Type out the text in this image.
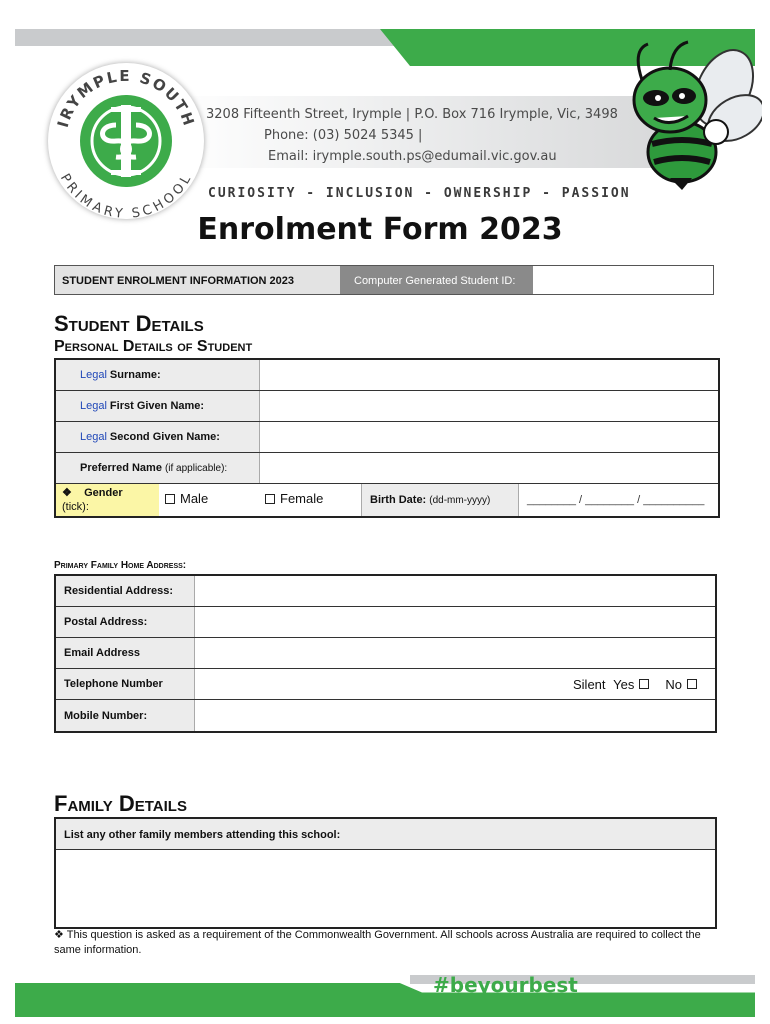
IRYMPLE SOUTH
PRIMARY SCHOOL
3208 Fifteenth Street, Irymple | P.O. Box 716 Irymple, Vic, 3498
Phone: (03) 5024 5345 |
Email: irymple.south.ps@edumail.vic.gov.au
CURIOSITY - INCLUSION - OWNERSHIP - PASSION
Enrolment Form 2023
STUDENT ENROLMENT INFORMATION 2023	Computer Generated Student ID:
Student Details
Personal Details of Student
Legal Surname:
Legal First Given Name:
Legal Second Given Name:
Preferred Name (if applicable):
❖ Gender
(tick):
Male	Female	Birth Date: (dd-mm-yyyy)	________ / ________ / __________
Primary Family Home Address:
Residential Address:
Postal Address:
Email Address
Telephone Number	Silent
Yes No
Mobile Number:
Family Details
List any other family members attending this school:
❖ This question is asked as a requirement of the Commonwealth Government. All schools across Australia are required to collect the same information.
#beyourbest
